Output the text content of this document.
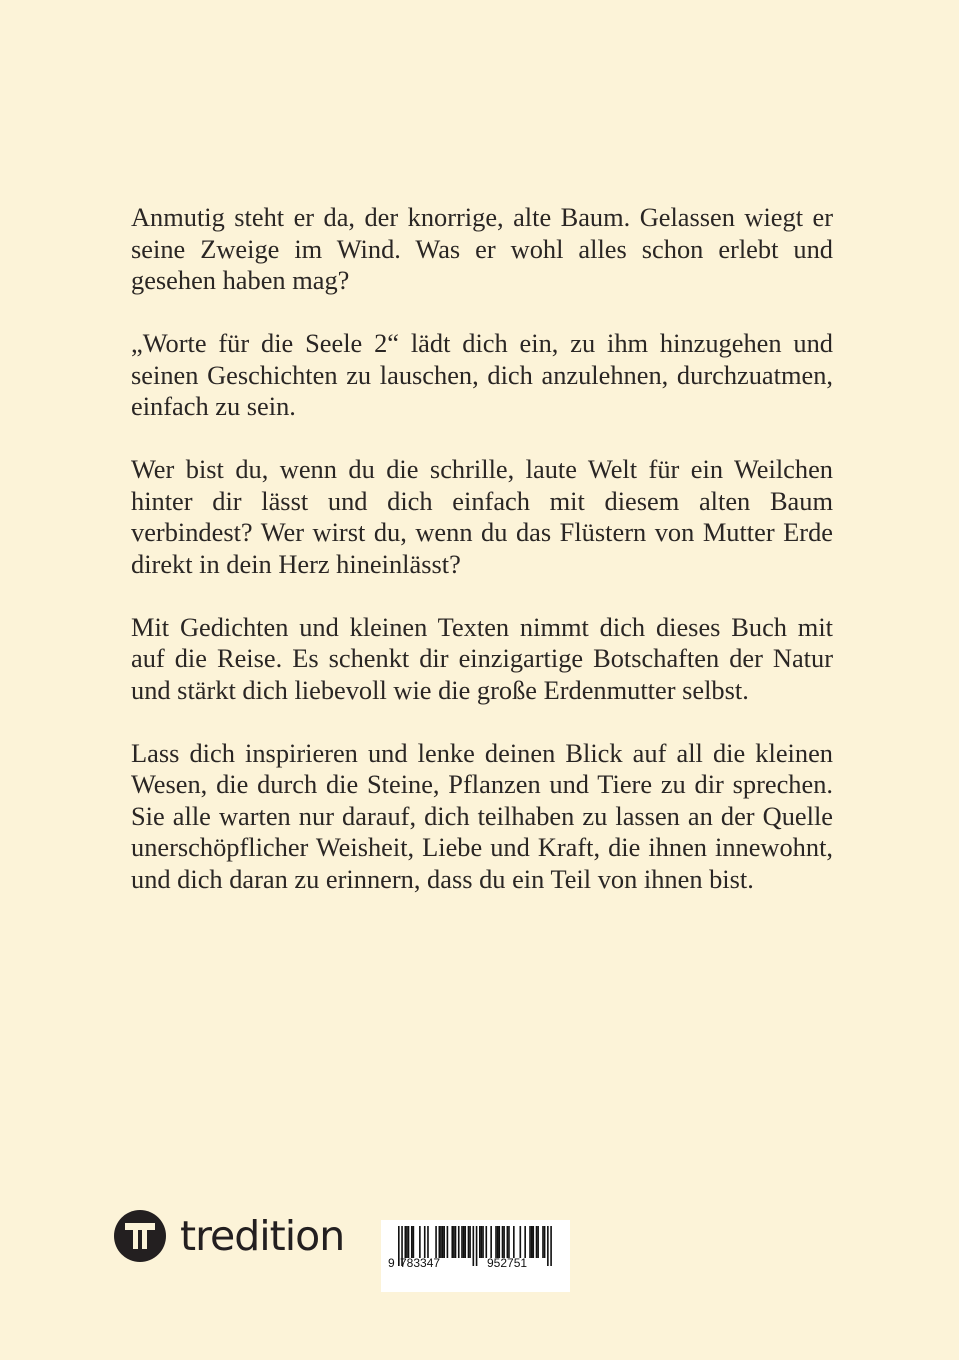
Anmutig steht er da, der knorrige, alte Baum. Gelassen wiegt er seine Zweige im Wind. Was er wohl alles schon erlebt und gesehen haben mag?

„Worte für die Seele 2“ lädt dich ein, zu ihm hinzugehen und seinen Geschichten zu lauschen, dich anzulehnen, durchzuatmen, einfach zu sein.

Wer bist du, wenn du die schrille, laute Welt für ein Weilchen hinter dir lässt und dich einfach mit diesem alten Baum verbindest? Wer wirst du, wenn du das Flüstern von Mutter Erde direkt in dein Herz hineinlässt?

Mit Gedichten und kleinen Texten nimmt dich dieses Buch mit auf die Reise. Es schenkt dir einzigartige Botschaften der Natur und stärkt dich liebevoll wie die große Erdenmutter selbst.

Lass dich inspirieren und lenke deinen Blick auf all die kleinen Wesen, die durch die Steine, Pflanzen und Tiere zu dir sprechen. Sie alle warten nur darauf, dich teilhaben zu lassen an der Quelle unerschöpflicher Weisheit, Liebe und Kraft, die ihnen innewohnt, und dich daran zu erinnern, dass du ein Teil von ihnen bist.

tredition
9 783347	952751
